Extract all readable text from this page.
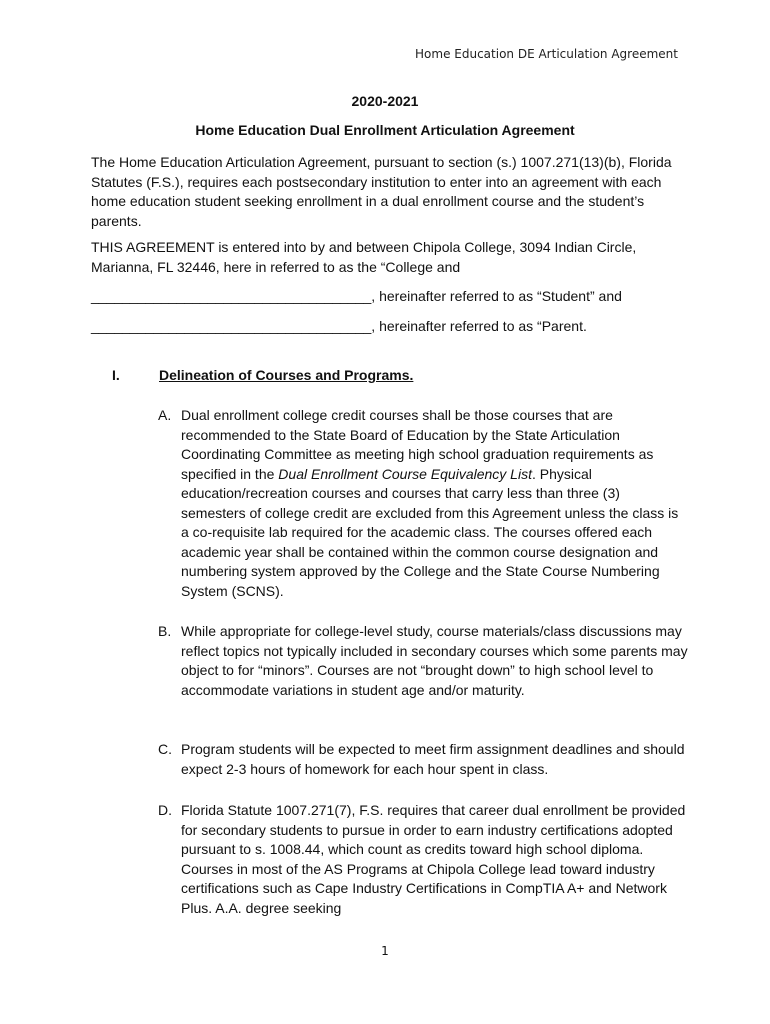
Home Education DE Articulation Agreement
2020-2021
Home Education Dual Enrollment Articulation Agreement

The Home Education Articulation Agreement, pursuant to section (s.) 1007.271(13)(b), Florida Statutes (F.S.), requires each postsecondary institution to enter into an agreement with each home education student seeking enrollment in a dual enrollment course and the student’s parents.

THIS AGREEMENT is entered into by and between Chipola College, 3094 Indian Circle, Marianna, FL 32446, here in referred to as the “College and

____________________________________, hereinafter referred to as “Student” and
____________________________________, hereinafter referred to as “Parent.
I.	Delineation of Courses and Programs.
A. Dual enrollment college credit courses shall be those courses that are recommended to the State Board of Education by the State Articulation Coordinating Committee as meeting high school graduation requirements as specified in the Dual Enrollment Course Equivalency List. Physical education/recreation courses and courses that carry less than three (3) semesters of college credit are excluded from this Agreement unless the class is a co-requisite lab required for the academic class. The courses offered each academic year shall be contained within the common course designation and numbering system approved by the College and the State Course Numbering System (SCNS).
B. While appropriate for college-level study, course materials/class discussions may reflect topics not typically included in secondary courses which some parents may object to for “minors”. Courses are not “brought down” to high school level to accommodate variations in student age and/or maturity.
C. Program students will be expected to meet firm assignment deadlines and should expect 2-3 hours of homework for each hour spent in class.
D. Florida Statute 1007.271(7), F.S. requires that career dual enrollment be provided for secondary students to pursue in order to earn industry certifications adopted pursuant to s. 1008.44, which count as credits toward high school diploma. Courses in most of the AS Programs at Chipola College lead toward industry certifications such as Cape Industry Certifications in CompTIA A+ and Network Plus. A.A. degree seeking
1
